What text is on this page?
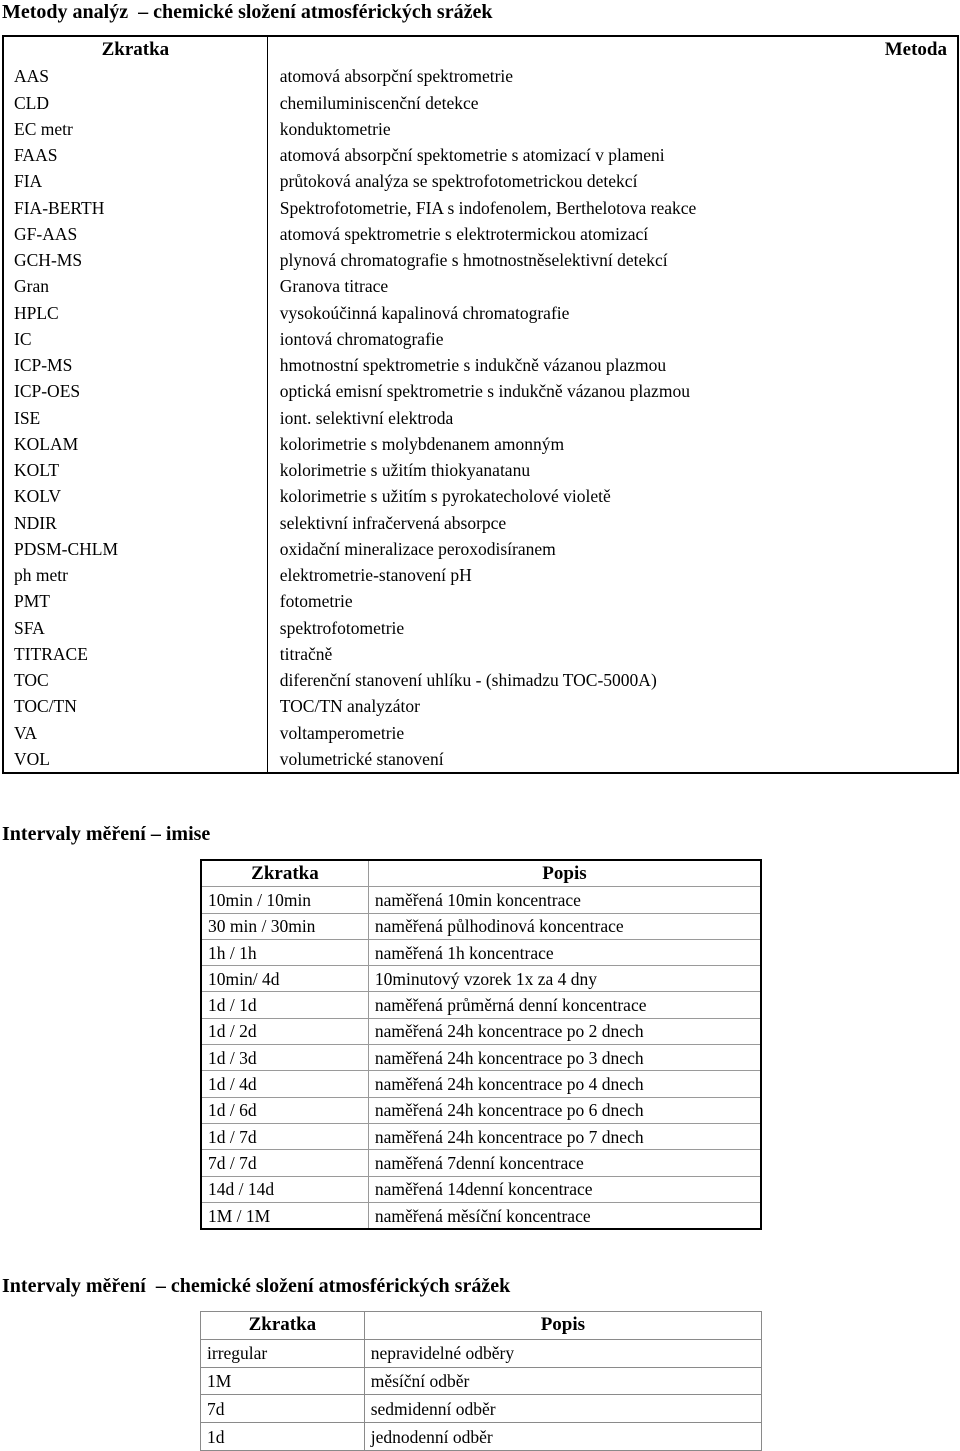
Metody analýz  – chemické složení atmosférických srážek
Zkratka	Metoda
AAS	atomová absorpční spektrometrie
CLD	chemiluminiscenční detekce
EC metr	konduktometrie
FAAS	atomová absorpční spektometrie s atomizací v plameni
FIA	průtoková analýza se spektrofotometrickou detekcí
FIA-BERTH	Spektrofotometrie, FIA s indofenolem, Berthelotova reakce
GF-AAS	atomová spektrometrie s elektrotermickou atomizací
GCH-MS	plynová chromatografie s hmotnostněselektivní detekcí
Gran	Granova titrace
HPLC	vysokoúčinná kapalinová chromatografie
IC	iontová chromatografie
ICP-MS	hmotnostní spektrometrie s indukčně vázanou plazmou
ICP-OES	optická emisní spektrometrie s indukčně vázanou plazmou
ISE	iont. selektivní elektroda
KOLAM	kolorimetrie s molybdenanem amonným
KOLT	kolorimetrie s užitím thiokyanatanu
KOLV	kolorimetrie s užitím s pyrokatecholové violetě
NDIR	selektivní infračervená absorpce
PDSM-CHLM	oxidační mineralizace peroxodisíranem
ph metr	elektrometrie-stanovení pH
PMT	fotometrie
SFA	spektrofotometrie
TITRACE	titračně
TOC	diferenční stanovení uhlíku - (shimadzu TOC-5000A)
TOC/TN	TOC/TN analyzátor
VA	voltamperometrie
VOL	volumetrické stanovení
Intervaly měření – imise
Zkratka	Popis
10min / 10min	naměřená 10min koncentrace
30 min / 30min	naměřená půlhodinová koncentrace
1h / 1h	naměřená 1h koncentrace
10min/ 4d	10minutový vzorek 1x za 4 dny
1d / 1d	naměřená průměrná denní koncentrace
1d / 2d	naměřená 24h koncentrace po 2 dnech
1d / 3d	naměřená 24h koncentrace po 3 dnech
1d / 4d	naměřená 24h koncentrace po 4 dnech
1d / 6d	naměřená 24h koncentrace po 6 dnech
1d / 7d	naměřená 24h koncentrace po 7 dnech
7d / 7d	naměřená 7denní koncentrace
14d / 14d	naměřená 14denní koncentrace
1M / 1M	naměřená měsíční koncentrace
Intervaly měření  – chemické složení atmosférických srážek
Zkratka	Popis
irregular	nepravidelné odběry
1M	měsíční odběr
7d	sedmidenní odběr
1d	jednodenní odběr
